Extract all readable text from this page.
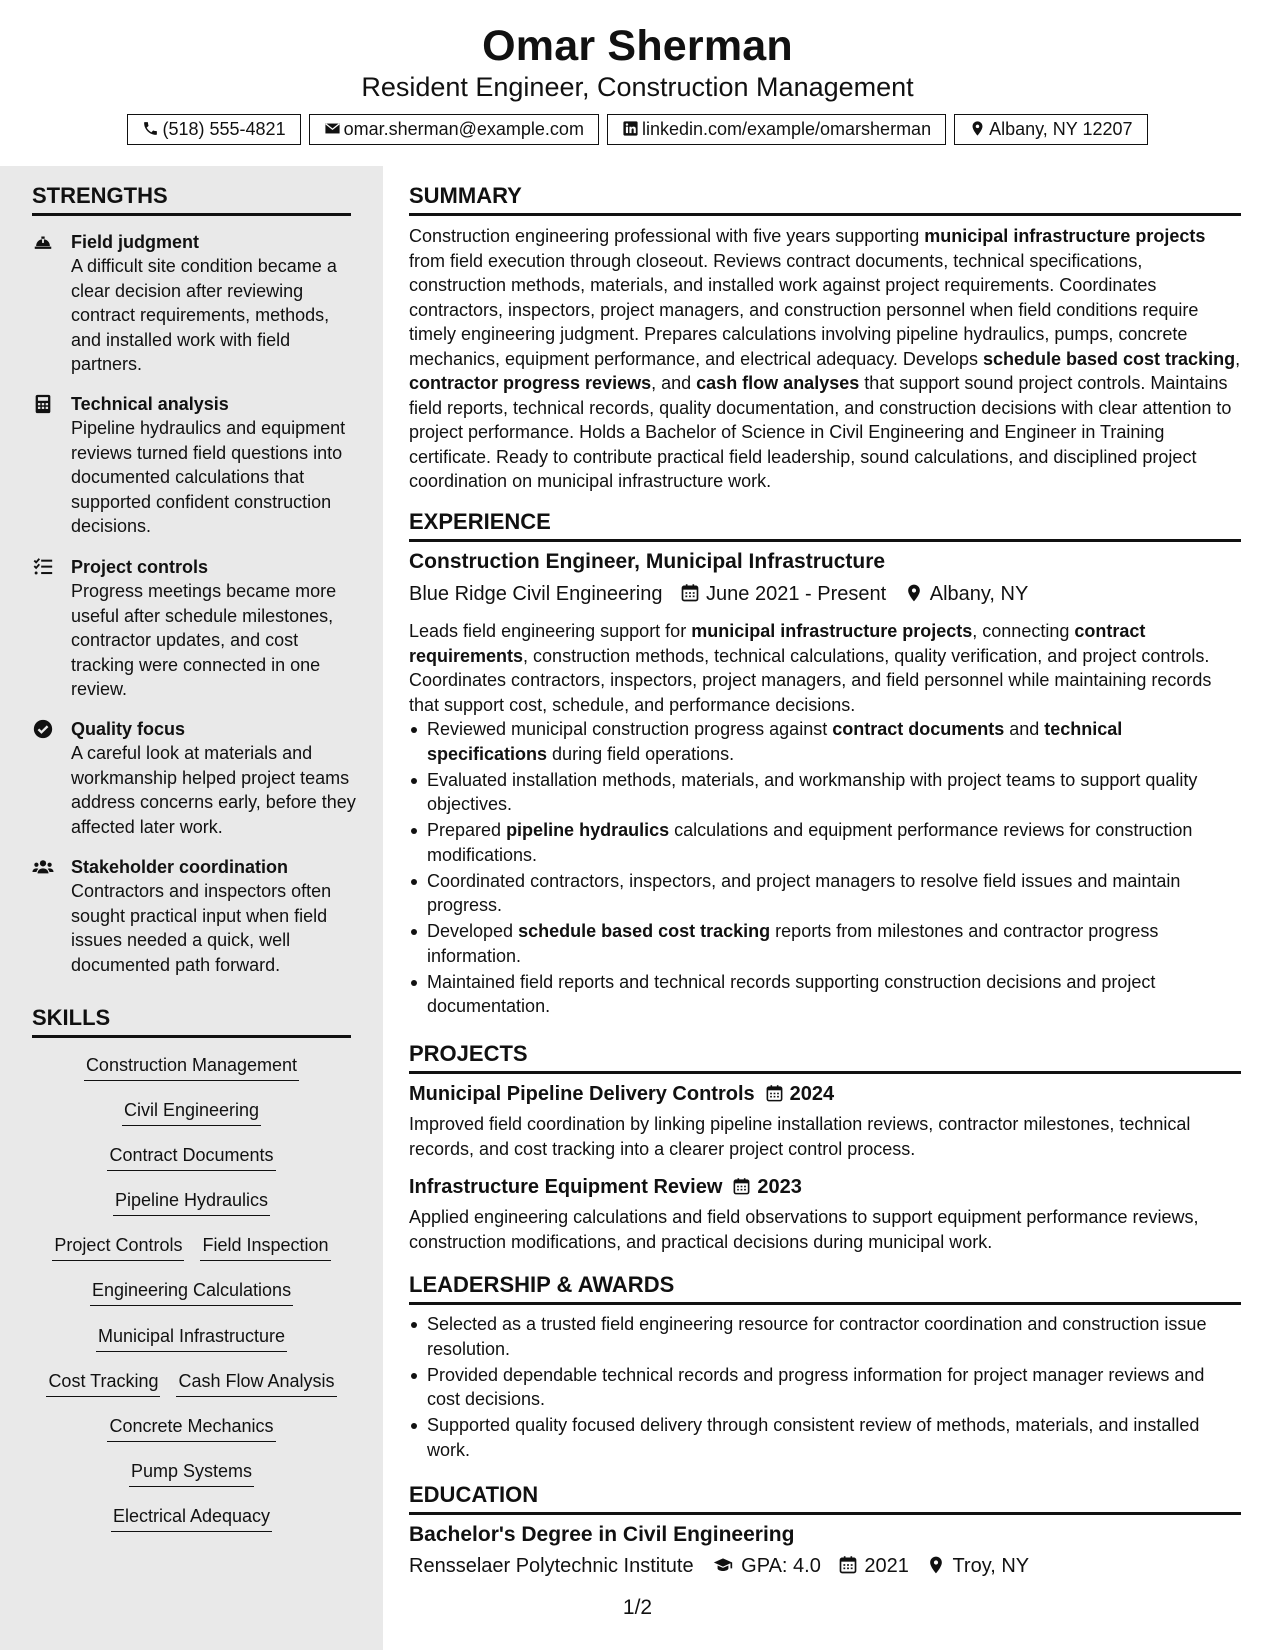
Omar Sherman
Resident Engineer, Construction Management
(518) 555-4821	omar.sherman@example.com	linkedin.com/example/omarsherman	Albany, NY 12207
STRENGTHS
Field judgment
A difficult site condition became a clear decision after reviewing contract requirements, methods, and installed work with field partners.
Technical analysis
Pipeline hydraulics and equipment reviews turned field questions into documented calculations that supported confident construction decisions.
Project controls
Progress meetings became more useful after schedule milestones, contractor updates, and cost tracking were connected in one review.
Quality focus
A careful look at materials and workmanship helped project teams address concerns early, before they affected later work.
Stakeholder coordination
Contractors and inspectors often sought practical input when field issues needed a quick, well documented path forward.
SKILLS
Construction Management
Civil Engineering
Contract Documents
Pipeline Hydraulics
Project Controls Field Inspection
Engineering Calculations
Municipal Infrastructure
Cost Tracking Cash Flow Analysis
Concrete Mechanics
Pump Systems
Electrical Adequacy
SUMMARY
Construction engineering professional with five years supporting municipal infrastructure projects from field execution through closeout. Reviews contract documents, technical specifications, construction methods, materials, and installed work against project requirements. Coordinates contractors, inspectors, project managers, and construction personnel when field conditions require timely engineering judgment. Prepares calculations involving pipeline hydraulics, pumps, concrete mechanics, equipment performance, and electrical adequacy. Develops schedule based cost tracking, contractor progress reviews, and cash flow analyses that support sound project controls. Maintains field reports, technical records, quality documentation, and construction decisions with clear attention to project performance. Holds a Bachelor of Science in Civil Engineering and Engineer in Training certificate. Ready to contribute practical field leadership, sound calculations, and disciplined project coordination on municipal infrastructure work.
EXPERIENCE
Construction Engineer, Municipal Infrastructure
Blue Ridge Civil Engineering June 2021 - Present Albany, NY
Leads field engineering support for municipal infrastructure projects, connecting contract requirements, construction methods, technical calculations, quality verification, and project controls. Coordinates contractors, inspectors, project managers, and field personnel while maintaining records that support cost, schedule, and performance decisions.
Reviewed municipal construction progress against contract documents and technical specifications during field operations.
Evaluated installation methods, materials, and workmanship with project teams to support quality objectives.
Prepared pipeline hydraulics calculations and equipment performance reviews for construction modifications.
Coordinated contractors, inspectors, and project managers to resolve field issues and maintain progress.
Developed schedule based cost tracking reports from milestones and contractor progress information.
Maintained field reports and technical records supporting construction decisions and project documentation.
PROJECTS
Municipal Pipeline Delivery Controls 2024
Improved field coordination by linking pipeline installation reviews, contractor milestones, technical records, and cost tracking into a clearer project control process.
Infrastructure Equipment Review 2023
Applied engineering calculations and field observations to support equipment performance reviews, construction modifications, and practical decisions during municipal work.
LEADERSHIP & AWARDS
Selected as a trusted field engineering resource for contractor coordination and construction issue resolution.
Provided dependable technical records and progress information for project manager reviews and cost decisions.
Supported quality focused delivery through consistent review of methods, materials, and installed work.
EDUCATION
Bachelor's Degree in Civil Engineering
Rensselaer Polytechnic Institute GPA: 4.0 2021 Troy, NY
1/2
